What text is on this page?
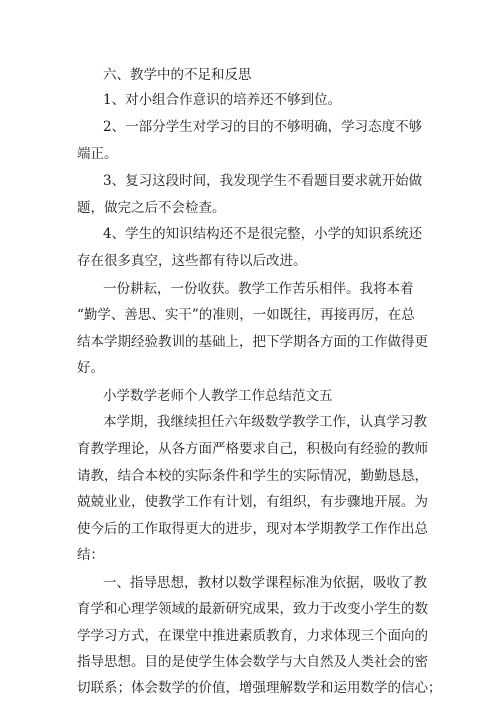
六、教学中的不足和反思
1、对小组合作意识的培养还不够到位。
2、一部分学生对学习的目的不够明确，学习态度不够
端正。
3、复习这段时间，我发现学生不看题目要求就开始做
题，做完之后不会检查。
4、学生的知识结构还不是很完整，小学的知识系统还
存在很多真空，这些都有待以后改进。
一份耕耘，一份收获。教学工作苦乐相伴。我将本着
“勤学、善思、实干”的准则，一如既往，再接再厉，在总
结本学期经验教训的基础上，把下学期各方面的工作做得更
好。
小学数学老师个人教学工作总结范文五
本学期，我继续担任六年级数学教学工作，认真学习教
育教学理论，从各方面严格要求自己，积极向有经验的教师
请教，结合本校的实际条件和学生的实际情况，勤勤恳恳，
兢兢业业，使教学工作有计划，有组织，有步骤地开展。为
使今后的工作取得更大的进步，现对本学期教学工作作出总
结：
一、指导思想，教材以数学课程标准为依据，吸收了教
育学和心理学领域的最新研究成果，致力于改变小学生的数
学学习方式，在课堂中推进素质教育，力求体现三个面向的
指导思想。目的是使学生体会数学与大自然及人类社会的密
切联系；体会数学的价值，增强理解数学和运用数学的信心；
